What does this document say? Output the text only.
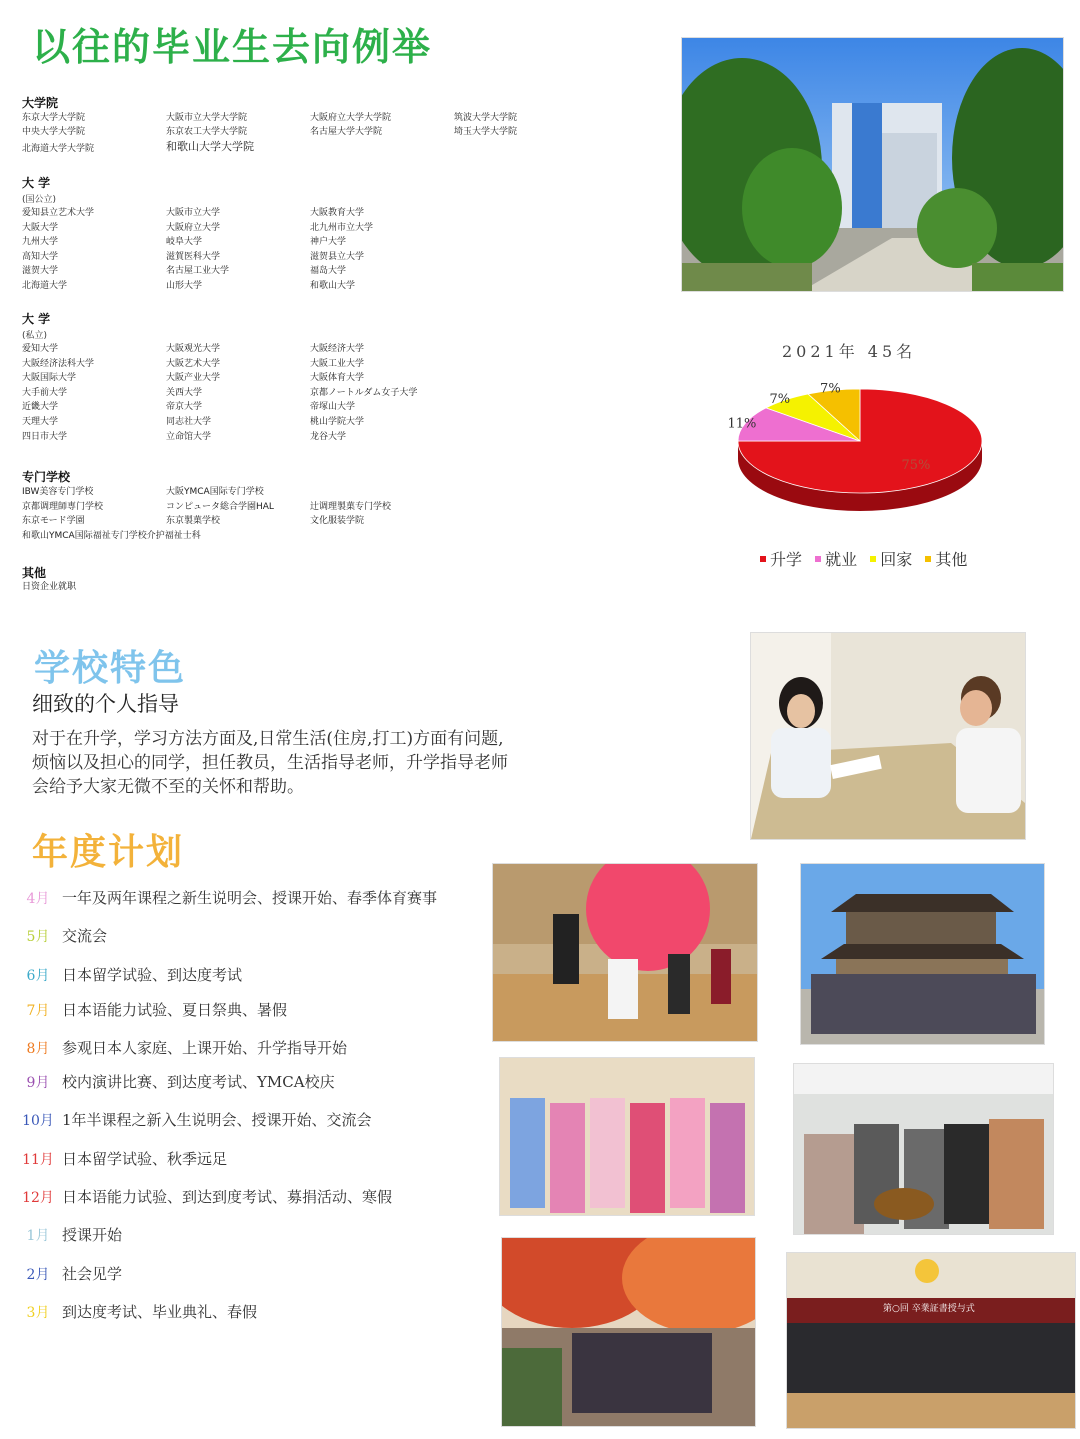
以往的毕业生去向例举
大学院
东京大学大学院	大阪市立大学大学院	大阪府立大学大学院	筑波大学大学院
中央大学大学院	东京农工大学大学院	名古屋大学大学院	埼玉大学大学院
北海道大学大学院	和歌山大学大学院
大 学
(国公立)
爱知县立艺术大学	大阪市立大学	大阪教育大学
大阪大学	大阪府立大学	北九州市立大学
九州大学	岐阜大学	神户大学
高知大学	滋賀医科大学	滋贺县立大学
滋贺大学	名古屋工业大学	福岛大学
北海道大学	山形大学	和歌山大学
大 学
(私立)
爱知大学	大阪观光大学	大阪经济大学
大阪经济法科大学	大阪艺术大学	大阪工业大学
大阪国际大学	大阪产业大学	大阪体育大学
大手前大学	关西大学	京都ノートルダム女子大学
近畿大学	帝京大学	帝塚山大学
天理大学	同志社大学	桃山学院大学
四日市大学	立命馆大学	龙谷大学
专门学校
IBW美容专门学校	大阪YMCA国际专门学校
京都调理師専门学校	コンピュータ総合学園HAL	辻调理製菓专门学校
东京モード学園	东京製菓学校	文化服装学院
和歌山YMCA国际福祉专门学校介护福祉士科
其他
日资企业就职
2021年 45名
75%
11%
7%
7%
升学 就业 回家 其他
学校特色
细致的个人指导
对于在升学，学习方法方面及,日常生活(住房,打工)方面有问题,
烦恼以及担心的同学，担任教员，生活指导老师，升学指导老师
会给予大家无微不至的关怀和帮助。
年度计划
4月 一年及两年课程之新生说明会、授课开始、春季体育赛事
5月 交流会
6月 日本留学试验、到达度考试
7月 日本语能力试验、夏日祭典、暑假
8月 参观日本人家庭、上课开始、升学指导开始
9月 校内演讲比赛、到达度考试、YMCA校庆
10月 1年半课程之新入生说明会、授课开始、交流会
11月 日本留学试验、秋季远足
12月 日本语能力试验、到达到度考试、募捐活动、寒假
1月 授课开始
2月 社会见学
3月 到达度考试、毕业典礼、春假	第○回 卒業証書授与式
